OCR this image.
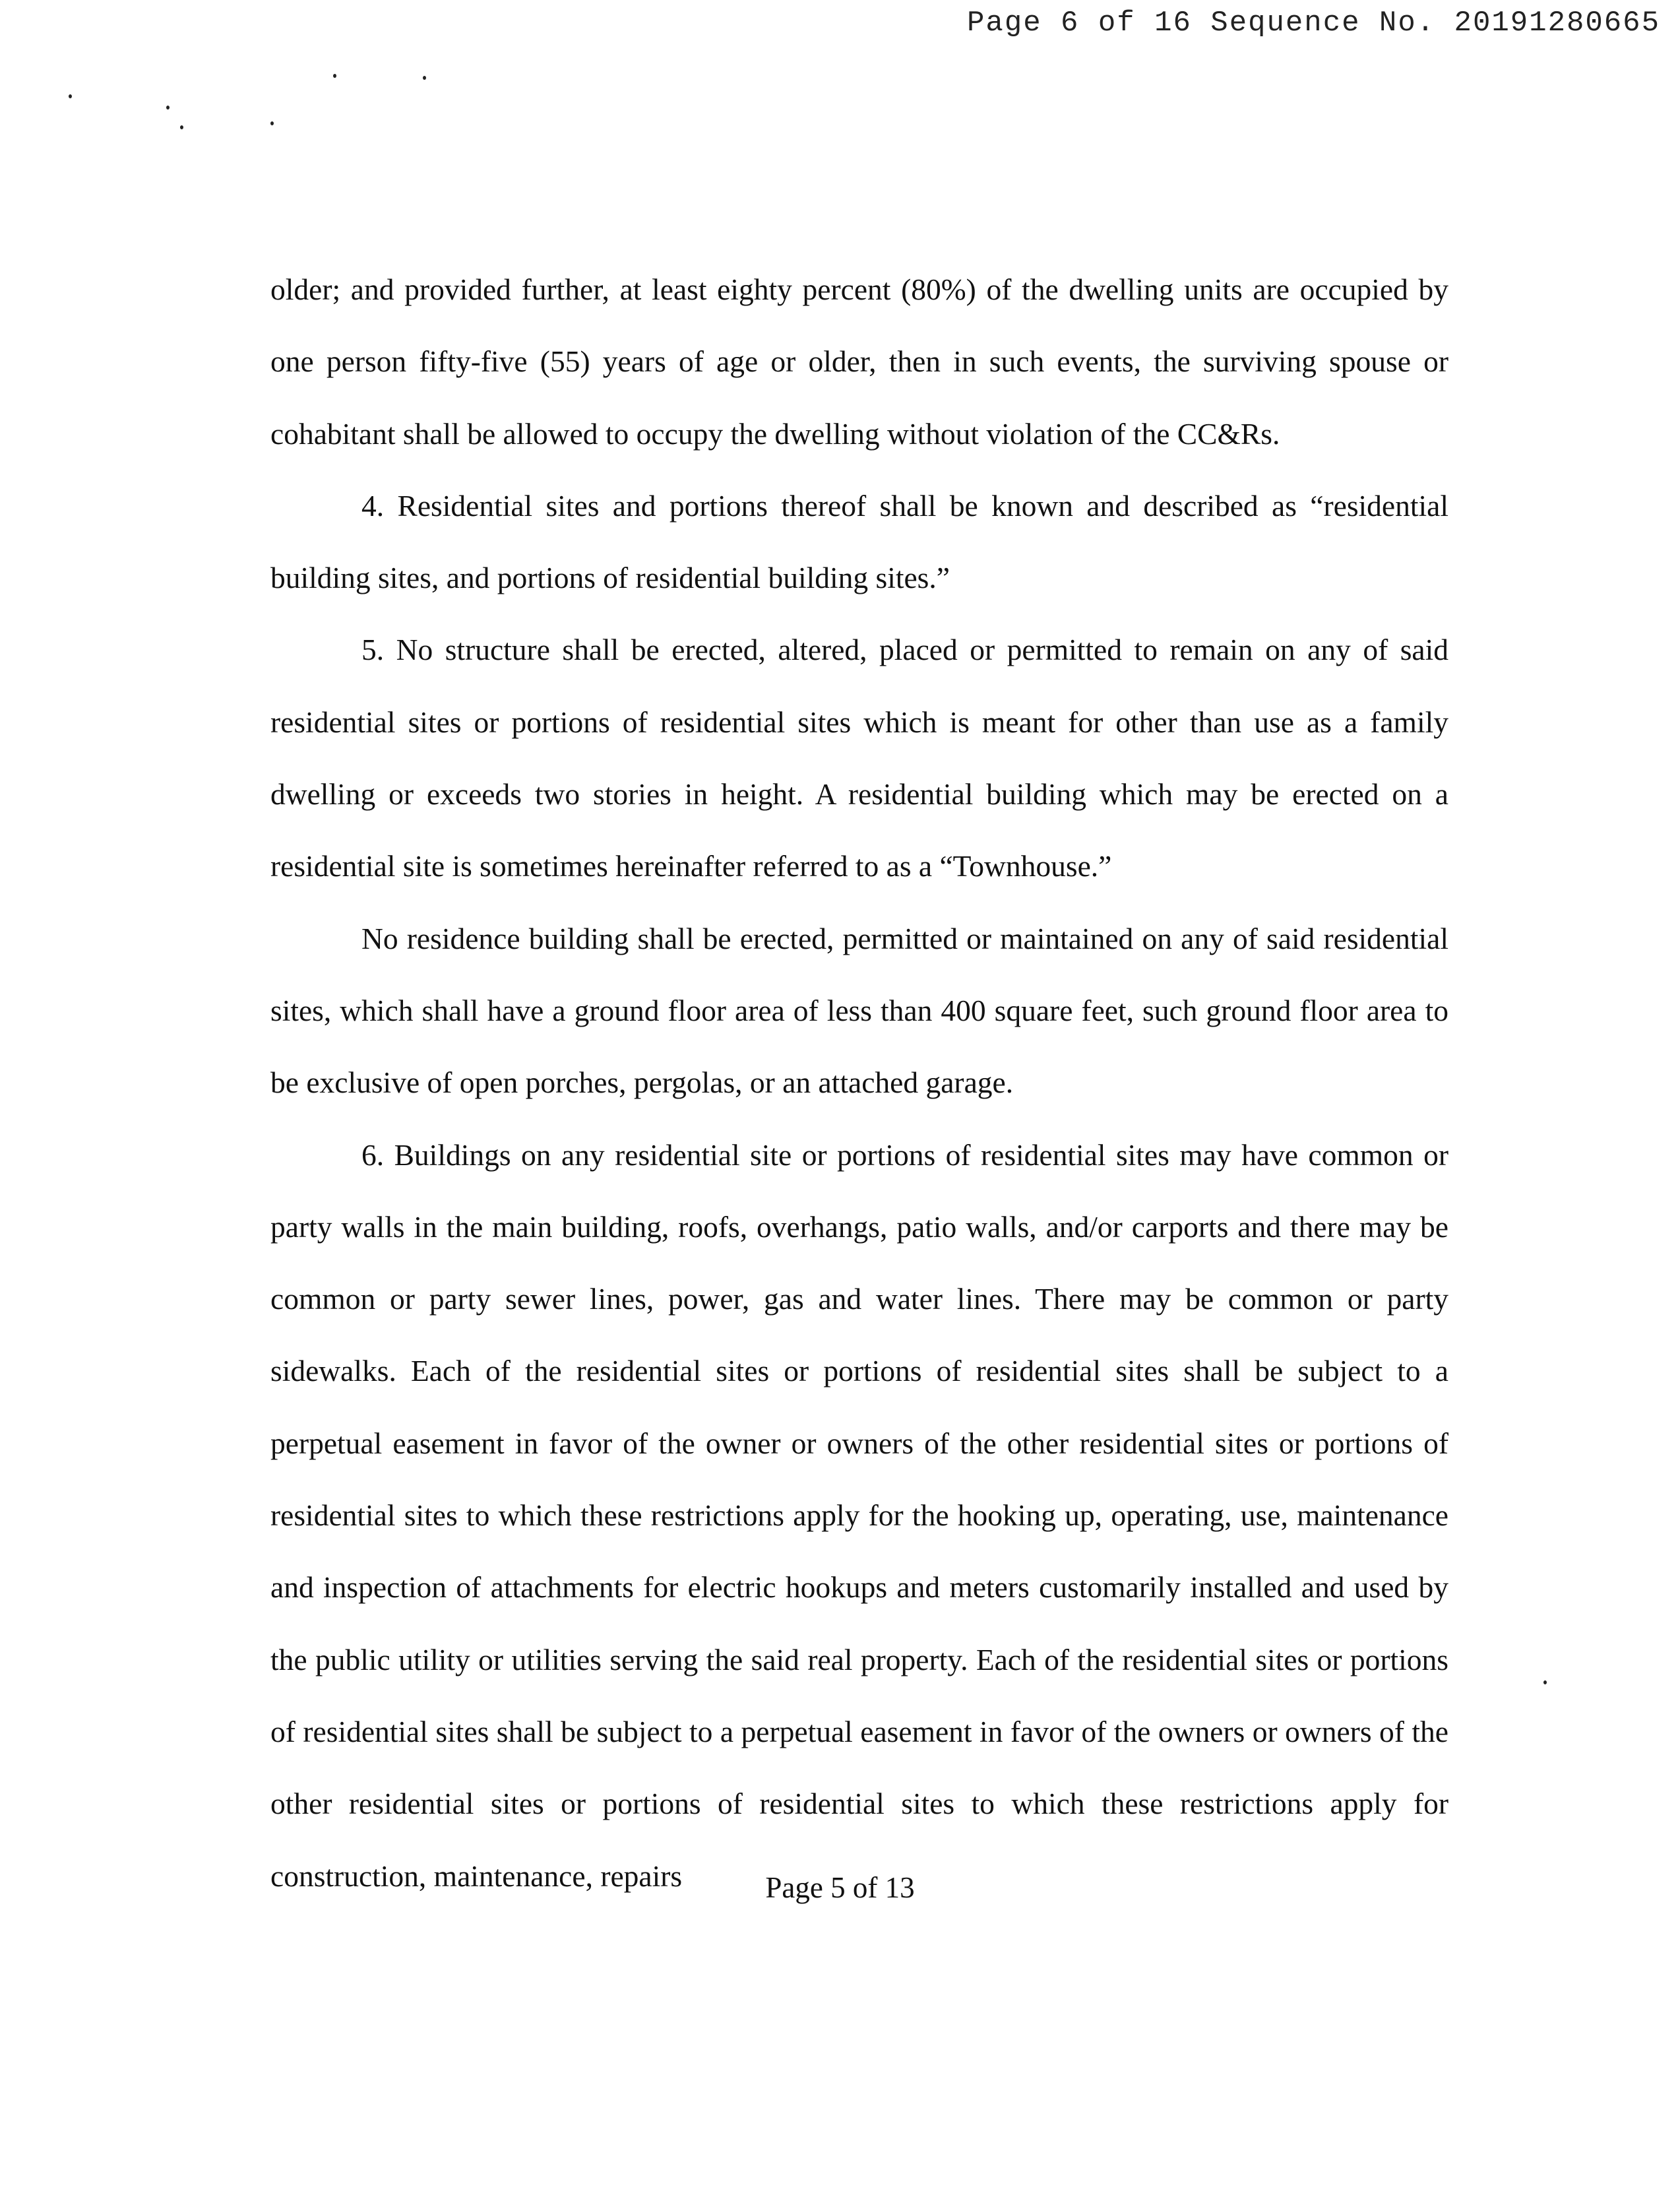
Page 6 of 16 Sequence No. 20191280665

older; and provided further, at least eighty percent (80%) of the dwelling units are occupied by one person fifty-five (55) years of age or older, then in such events, the surviving spouse or cohabitant shall be allowed to occupy the dwelling without violation of the CC&Rs.

4. Residential sites and portions thereof shall be known and described as “residential building sites, and portions of residential building sites.”

5. No structure shall be erected, altered, placed or permitted to remain on any of said residential sites or portions of residential sites which is meant for other than use as a family dwelling or exceeds two stories in height. A residential building which may be erected on a residential site is sometimes hereinafter referred to as a “Townhouse.”

No residence building shall be erected, permitted or maintained on any of said residential sites, which shall have a ground floor area of less than 400 square feet, such ground floor area to be exclusive of open porches, pergolas, or an attached garage.

6. Buildings on any residential site or portions of residential sites may have common or party walls in the main building, roofs, overhangs, patio walls, and/or carports and there may be common or party sewer lines, power, gas and water lines. There may be common or party sidewalks. Each of the residential sites or portions of residential sites shall be subject to a perpetual easement in favor of the owner or owners of the other residential sites or portions of residential sites to which these restrictions apply for the hooking up, operating, use, maintenance and inspection of attachments for electric hookups and meters customarily installed and used by the public utility or utilities serving the said real property. Each of the residential sites or portions of residential sites shall be subject to a perpetual easement in favor of the owners or owners of the other residential sites or portions of residential sites to which these restrictions apply for construction, maintenance, repairs	Page 5 of 13
